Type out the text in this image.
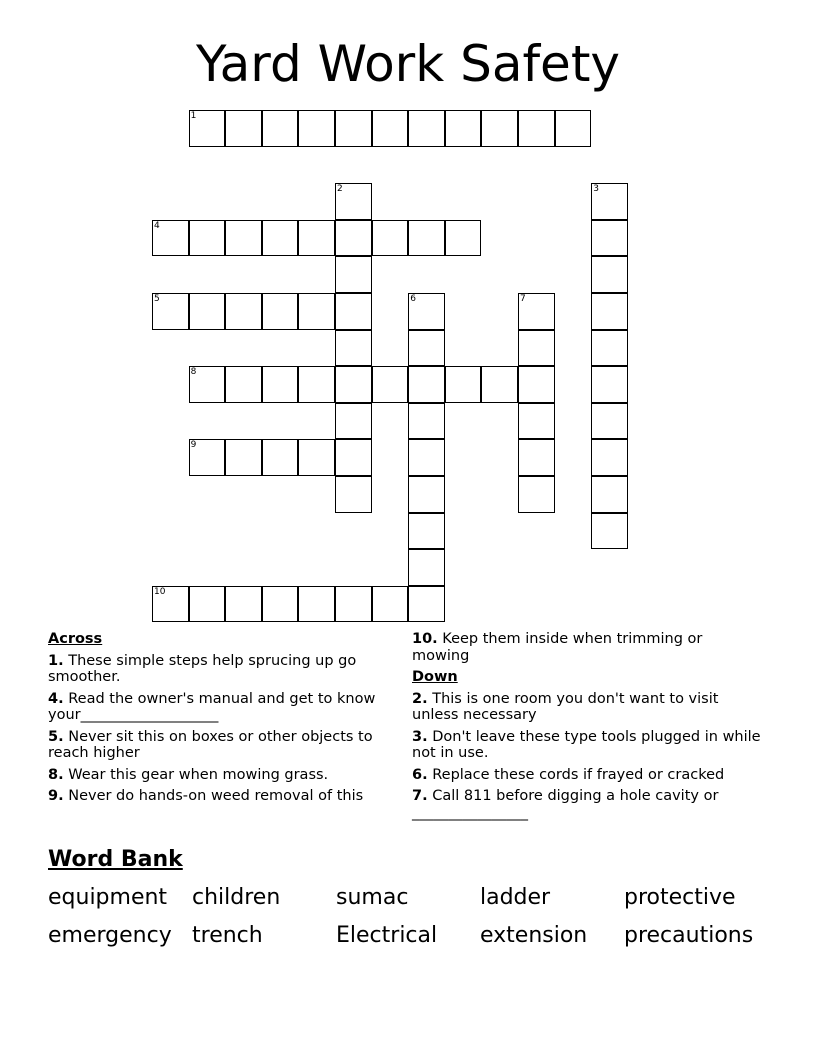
Yard Work Safety
1
4
5
8
9
10
2	3
6	7
Across
1. These simple steps help sprucing up go smoother.
4. Read the owner's manual and get to know your___________________
5. Never sit this on boxes or other objects to reach higher
8. Wear this gear when mowing grass.
9. Never do hands-on weed removal of this
10. Keep them inside when trimming or mowing
Down
2. This is one room you don't want to visit unless necessary
3. Don't leave these type tools plugged in while not in use.
6. Replace these cords if frayed or cracked
7. Call 811 before digging a hole cavity or ________________
Word Bank
equipment children	sumac	ladder	protective
emergency trench	Electrical extension precautions
